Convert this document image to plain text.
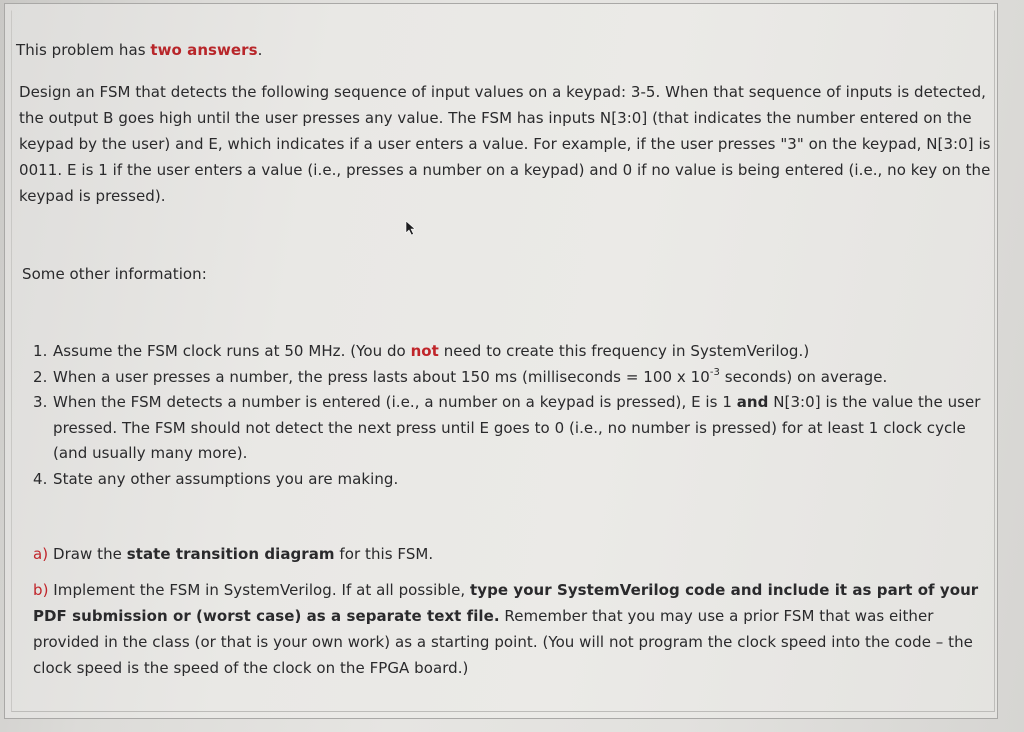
This problem has two answers.
Design an FSM that detects the following sequence of input values on a keypad: 3-5. When that sequence of inputs is detected, the output B goes high until the user presses any value. The FSM has inputs N[3:0] (that indicates the number entered on the keypad by the user) and E, which indicates if a user enters a value. For example, if the user presses "3" on the keypad, N[3:0] is 0011. E is 1 if the user enters a value (i.e., presses a number on a keypad) and 0 if no value is being entered (i.e., no key on the keypad is pressed).
Some other information:
1. Assume the FSM clock runs at 50 MHz. (You do not need to create this frequency in SystemVerilog.)
2. When a user presses a number, the press lasts about 150 ms (milliseconds = 100 x $10^{-3}$ seconds) on average.
3. When the FSM detects a number is entered (i.e., a number on a keypad is pressed), E is 1 and N[3:0] is the value the user pressed. The FSM should not detect the next press until E goes to 0 (i.e., no number is pressed) for at least 1 clock cycle (and usually many more).
4. State any other assumptions you are making.
a) Draw the state transition diagram for this FSM.
b) Implement the FSM in SystemVerilog. If at all possible, type your SystemVerilog code and include it as part of your PDF submission or (worst case) as a separate text file. Remember that you may use a prior FSM that was either provided in the class (or that is your own work) as a starting point. (You will not program the clock speed into the code – the clock speed is the speed of the clock on the FPGA board.)
